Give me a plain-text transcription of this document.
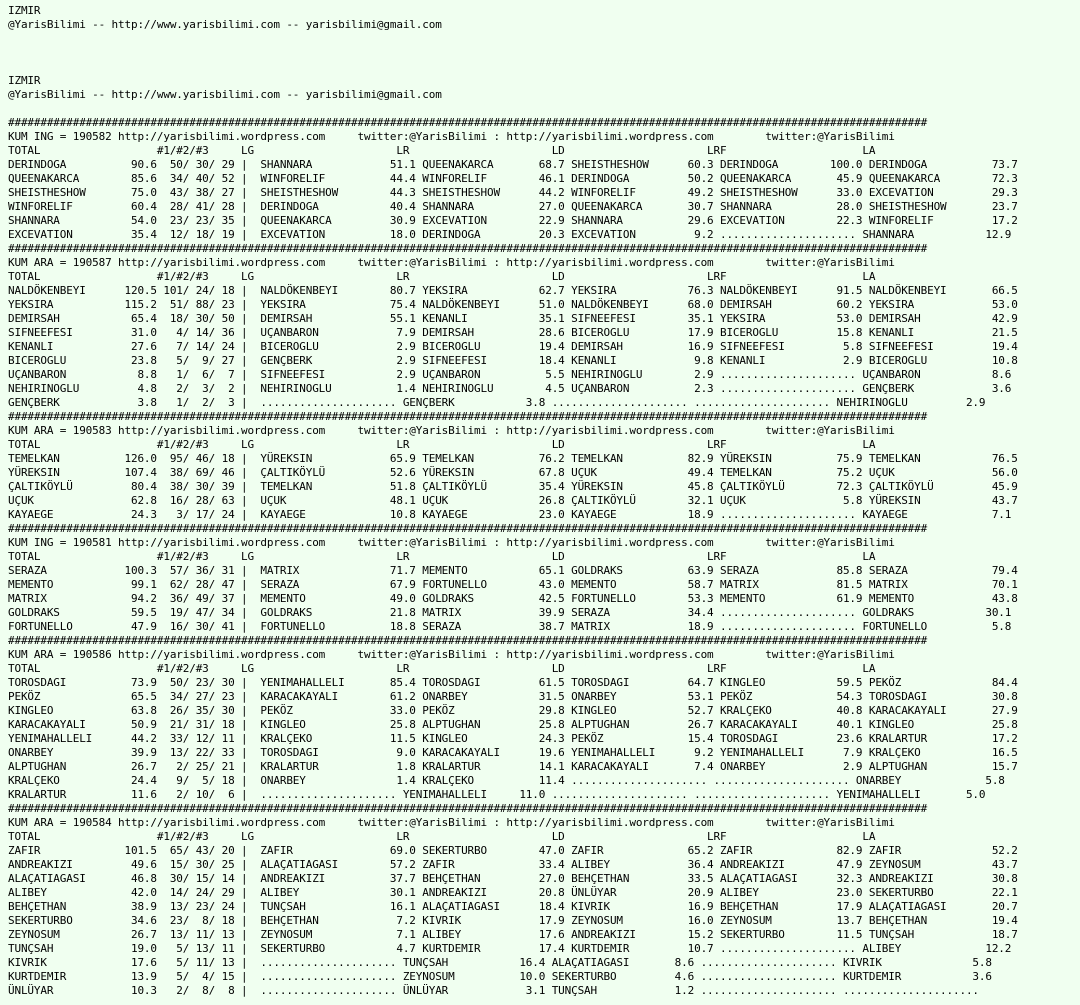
IZMIR
@YarisBilimi -- http://www.yarisbilimi.com -- yarisbilimi@gmail.com

IZMIR
@YarisBilimi -- http://www.yarisbilimi.com -- yarisbilimi@gmail.com

##############################################################################################################################################
KUM ING = 190582 http://yarisbilimi.wordpress.com     twitter:@YarisBilimi : http://yarisbilimi.wordpress.com        twitter:@YarisBilimi
TOTAL                  #1/#2/#3     LG                      LR                      LD                      LRF                     LA
DERINDOGA          90.6  50/ 30/ 29 |  SHANNARA            51.1 QUEENAKARCA       68.7 SHEISTHESHOW      60.3 DERINDOGA        100.0 DERINDOGA          73.7
QUEENAKARCA        85.6  34/ 40/ 52 |  WINFORELIF          44.4 WINFORELIF        46.1 DERINDOGA         50.2 QUEENAKARCA       45.9 QUEENAKARCA        72.3
SHEISTHESHOW       75.0  43/ 38/ 27 |  SHEISTHESHOW        44.3 SHEISTHESHOW      44.2 WINFORELIF        49.2 SHEISTHESHOW      33.0 EXCEVATION         29.3
WINFORELIF         60.4  28/ 41/ 28 |  DERINDOGA           40.4 SHANNARA          27.0 QUEENAKARCA       30.7 SHANNARA          28.0 SHEISTHESHOW       23.7
SHANNARA           54.0  23/ 23/ 35 |  QUEENAKARCA         30.9 EXCEVATION        22.9 SHANNARA          29.6 EXCEVATION        22.3 WINFORELIF         17.2
EXCEVATION         35.4  12/ 18/ 19 |  EXCEVATION          18.0 DERINDOGA         20.3 EXCEVATION         9.2 ..................... SHANNARA           12.9
##############################################################################################################################################
KUM ARA = 190587 http://yarisbilimi.wordpress.com     twitter:@YarisBilimi : http://yarisbilimi.wordpress.com        twitter:@YarisBilimi
TOTAL                  #1/#2/#3     LG                      LR                      LD                      LRF                     LA
NALDÖKENBEYI      120.5 101/ 24/ 18 |  NALDÖKENBEYI        80.7 YEKSIRA           62.7 YEKSIRA           76.3 NALDÖKENBEYI      91.5 NALDÖKENBEYI       66.5
YEKSIRA           115.2  51/ 88/ 23 |  YEKSIRA             75.4 NALDÖKENBEYI      51.0 NALDÖKENBEYI      68.0 DEMIRSAH          60.2 YEKSIRA            53.0
DEMIRSAH           65.4  18/ 30/ 50 |  DEMIRSAH            55.1 KENANLI           35.1 SIFNEEFESI        35.1 YEKSIRA           53.0 DEMIRSAH           42.9
SIFNEEFESI         31.0   4/ 14/ 36 |  UÇANBARON            7.9 DEMIRSAH          28.6 BICEROGLU         17.9 BICEROGLU         15.8 KENANLI            21.5
KENANLI            27.6   7/ 14/ 24 |  BICEROGLU            2.9 BICEROGLU         19.4 DEMIRSAH          16.9 SIFNEEFESI         5.8 SIFNEEFESI         19.4
BICEROGLU          23.8   5/  9/ 27 |  GENÇBERK             2.9 SIFNEEFESI        18.4 KENANLI            9.8 KENANLI            2.9 BICEROGLU          10.8
UÇANBARON           8.8   1/  6/  7 |  SIFNEEFESI           2.9 UÇANBARON          5.5 NEHIRINOGLU        2.9 ..................... UÇANBARON           8.6
NEHIRINOGLU         4.8   2/  3/  2 |  NEHIRINOGLU          1.4 NEHIRINOGLU        4.5 UÇANBARON          2.3 ..................... GENÇBERK            3.6
GENÇBERK            3.8   1/  2/  3 |  ..................... GENÇBERK           3.8 ..................... ..................... NEHIRINOGLU         2.9
##############################################################################################################################################
KUM ARA = 190583 http://yarisbilimi.wordpress.com     twitter:@YarisBilimi : http://yarisbilimi.wordpress.com        twitter:@YarisBilimi
TOTAL                  #1/#2/#3     LG                      LR                      LD                      LRF                     LA
TEMELKAN          126.0  95/ 46/ 18 |  YÜREKSIN            65.9 TEMELKAN          76.2 TEMELKAN          82.9 YÜREKSIN          75.9 TEMELKAN           76.5
YÜREKSIN          107.4  38/ 69/ 46 |  ÇALTIKÖYLÜ          52.6 YÜREKSIN          67.8 UÇUK              49.4 TEMELKAN          75.2 UÇUK               56.0
ÇALTIKÖYLÜ         80.4  38/ 30/ 39 |  TEMELKAN            51.8 ÇALTIKÖYLÜ        35.4 YÜREKSIN          45.8 ÇALTIKÖYLÜ        72.3 ÇALTIKÖYLÜ         45.9
UÇUK               62.8  16/ 28/ 63 |  UÇUK                48.1 UÇUK              26.8 ÇALTIKÖYLÜ        32.1 UÇUK               5.8 YÜREKSIN           43.7
KAYAEGE            24.3   3/ 17/ 24 |  KAYAEGE             10.8 KAYAEGE           23.0 KAYAEGE           18.9 ..................... KAYAEGE             7.1
##############################################################################################################################################
KUM ING = 190581 http://yarisbilimi.wordpress.com     twitter:@YarisBilimi : http://yarisbilimi.wordpress.com        twitter:@YarisBilimi
TOTAL                  #1/#2/#3     LG                      LR                      LD                      LRF                     LA
SERAZA            100.3  57/ 36/ 31 |  MATRIX              71.7 MEMENTO           65.1 GOLDRAKS          63.9 SERAZA            85.8 SERAZA             79.4
MEMENTO            99.1  62/ 28/ 47 |  SERAZA              67.9 FORTUNELLO        43.0 MEMENTO           58.7 MATRIX            81.5 MATRIX             70.1
MATRIX             94.2  36/ 49/ 37 |  MEMENTO             49.0 GOLDRAKS          42.5 FORTUNELLO        53.3 MEMENTO           61.9 MEMENTO            43.8
GOLDRAKS           59.5  19/ 47/ 34 |  GOLDRAKS            21.8 MATRIX            39.9 SERAZA            34.4 ..................... GOLDRAKS           30.1
FORTUNELLO         47.9  16/ 30/ 41 |  FORTUNELLO          18.8 SERAZA            38.7 MATRIX            18.9 ..................... FORTUNELLO          5.8
##############################################################################################################################################
KUM ARA = 190586 http://yarisbilimi.wordpress.com     twitter:@YarisBilimi : http://yarisbilimi.wordpress.com        twitter:@YarisBilimi
TOTAL                  #1/#2/#3     LG                      LR                      LD                      LRF                     LA
TOROSDAGI          73.9  50/ 23/ 30 |  YENIMAHALLELI       85.4 TOROSDAGI         61.5 TOROSDAGI         64.7 KINGLEO           59.5 PEKÖZ              84.4
PEKÖZ              65.5  34/ 27/ 23 |  KARACAKAYALI        61.2 ONARBEY           31.5 ONARBEY           53.1 PEKÖZ             54.3 TOROSDAGI          30.8
KINGLEO            63.8  26/ 35/ 30 |  PEKÖZ               33.0 PEKÖZ             29.8 KINGLEO           52.7 KRALÇEKO          40.8 KARACAKAYALI       27.9
KARACAKAYALI       50.9  21/ 31/ 18 |  KINGLEO             25.8 ALPTUGHAN         25.8 ALPTUGHAN         26.7 KARACAKAYALI      40.1 KINGLEO            25.8
YENIMAHALLELI      44.2  33/ 12/ 11 |  KRALÇEKO            11.5 KINGLEO           24.3 PEKÖZ             15.4 TOROSDAGI         23.6 KRALARTUR          17.2
ONARBEY            39.9  13/ 22/ 33 |  TOROSDAGI            9.0 KARACAKAYALI      19.6 YENIMAHALLELI      9.2 YENIMAHALLELI      7.9 KRALÇEKO           16.5
ALPTUGHAN          26.7   2/ 25/ 21 |  KRALARTUR            1.8 KRALARTUR         14.1 KARACAKAYALI       7.4 ONARBEY            2.9 ALPTUGHAN          15.7
KRALÇEKO           24.4   9/  5/ 18 |  ONARBEY              1.4 KRALÇEKO          11.4 ..................... ..................... ONARBEY             5.8
KRALARTUR          11.6   2/ 10/  6 |  ..................... YENIMAHALLELI     11.0 ..................... ..................... YENIMAHALLELI       5.0
##############################################################################################################################################
KUM ARA = 190584 http://yarisbilimi.wordpress.com     twitter:@YarisBilimi : http://yarisbilimi.wordpress.com        twitter:@YarisBilimi
TOTAL                  #1/#2/#3     LG                      LR                      LD                      LRF                     LA
ZAFIR             101.5  65/ 43/ 20 |  ZAFIR               69.0 SEKERTURBO        47.0 ZAFIR             65.2 ZAFIR             82.9 ZAFIR              52.2
ANDREAKIZI         49.6  15/ 30/ 25 |  ALAÇATIAGASI        57.2 ZAFIR             33.4 ALIBEY            36.4 ANDREAKIZI        47.9 ZEYNOSUM           43.7
ALAÇATIAGASI       46.8  30/ 15/ 14 |  ANDREAKIZI          37.7 BEHÇETHAN         27.0 BEHÇETHAN         33.5 ALAÇATIAGASI      32.3 ANDREAKIZI         30.8
ALIBEY             42.0  14/ 24/ 29 |  ALIBEY              30.1 ANDREAKIZI        20.8 ÜNLÜYAR           20.9 ALIBEY            23.0 SEKERTURBO         22.1
BEHÇETHAN          38.9  13/ 23/ 24 |  TUNÇSAH             16.1 ALAÇATIAGASI      18.4 KIVRIK            16.9 BEHÇETHAN         17.9 ALAÇATIAGASI       20.7
SEKERTURBO         34.6  23/  8/ 18 |  BEHÇETHAN            7.2 KIVRIK            17.9 ZEYNOSUM          16.0 ZEYNOSUM          13.7 BEHÇETHAN          19.4
ZEYNOSUM           26.7  13/ 11/ 13 |  ZEYNOSUM             7.1 ALIBEY            17.6 ANDREAKIZI        15.2 SEKERTURBO        11.5 TUNÇSAH            18.7
TUNÇSAH            19.0   5/ 13/ 11 |  SEKERTURBO           4.7 KURTDEMIR         17.4 KURTDEMIR         10.7 ..................... ALIBEY             12.2
KIVRIK             17.6   5/ 11/ 13 |  ..................... TUNÇSAH           16.4 ALAÇATIAGASI       8.6 ..................... KIVRIK              5.8
KURTDEMIR          13.9   5/  4/ 15 |  ..................... ZEYNOSUM          10.0 SEKERTURBO         4.6 ..................... KURTDEMIR           3.6
ÜNLÜYAR            10.3   2/  8/  8 |  ..................... ÜNLÜYAR            3.1 TUNÇSAH            1.2 ..................... .....................
